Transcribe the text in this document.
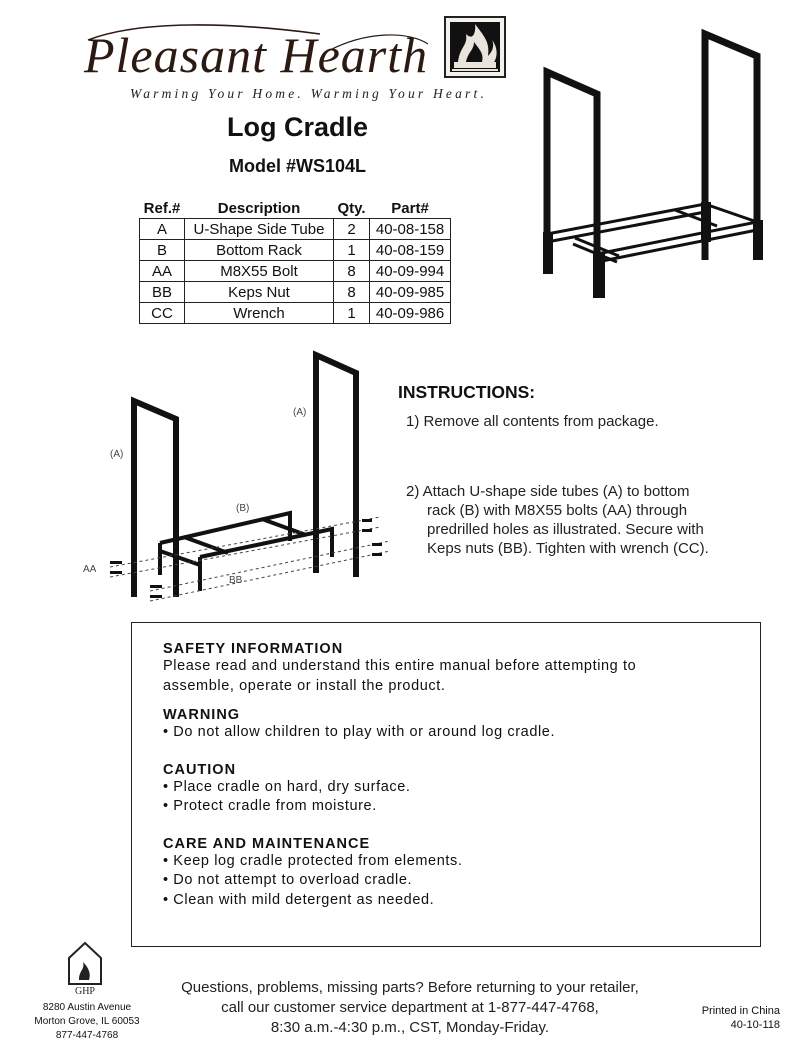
Pleasant Hearth
Warming Your Home. Warming Your Heart.
Log Cradle
Model #WS104L
Ref.#	Description	Qty.	Part#
A	U-Shape Side Tube	2	40-08-158
B	Bottom Rack	1	40-08-159
AA	M8X55 Bolt	8	40-09-994
BB	Keps Nut	8	40-09-985
CC	Wrench	1	40-09-986
(A)
(A)
(B)
AA
BB
INSTRUCTIONS:
1) Remove all contents from package.
2) Attach U-shape side tubes (A) to bottom
rack (B) with M8X55 bolts (AA) through
predrilled holes as illustrated. Secure with
Keps nuts (BB). Tighten with wrench (CC).
SAFETY INFORMATION
Please read and understand this entire manual before attempting to
assemble, operate or install the product.
WARNING
• Do not allow children to play with or around log cradle.
CAUTION
• Place cradle on hard, dry surface.
• Protect cradle from moisture.
CARE AND MAINTENANCE
• Keep log cradle protected from elements.
• Do not attempt to overload cradle.
• Clean with mild detergent as needed.
GHP
8280 Austin Avenue
Morton Grove, IL 60053
877-447-4768
Questions, problems, missing parts? Before returning to your retailer,
call our customer service department at 1-877-447-4768,
8:30 a.m.-4:30 p.m., CST, Monday-Friday.
Printed in China
40-10-118
